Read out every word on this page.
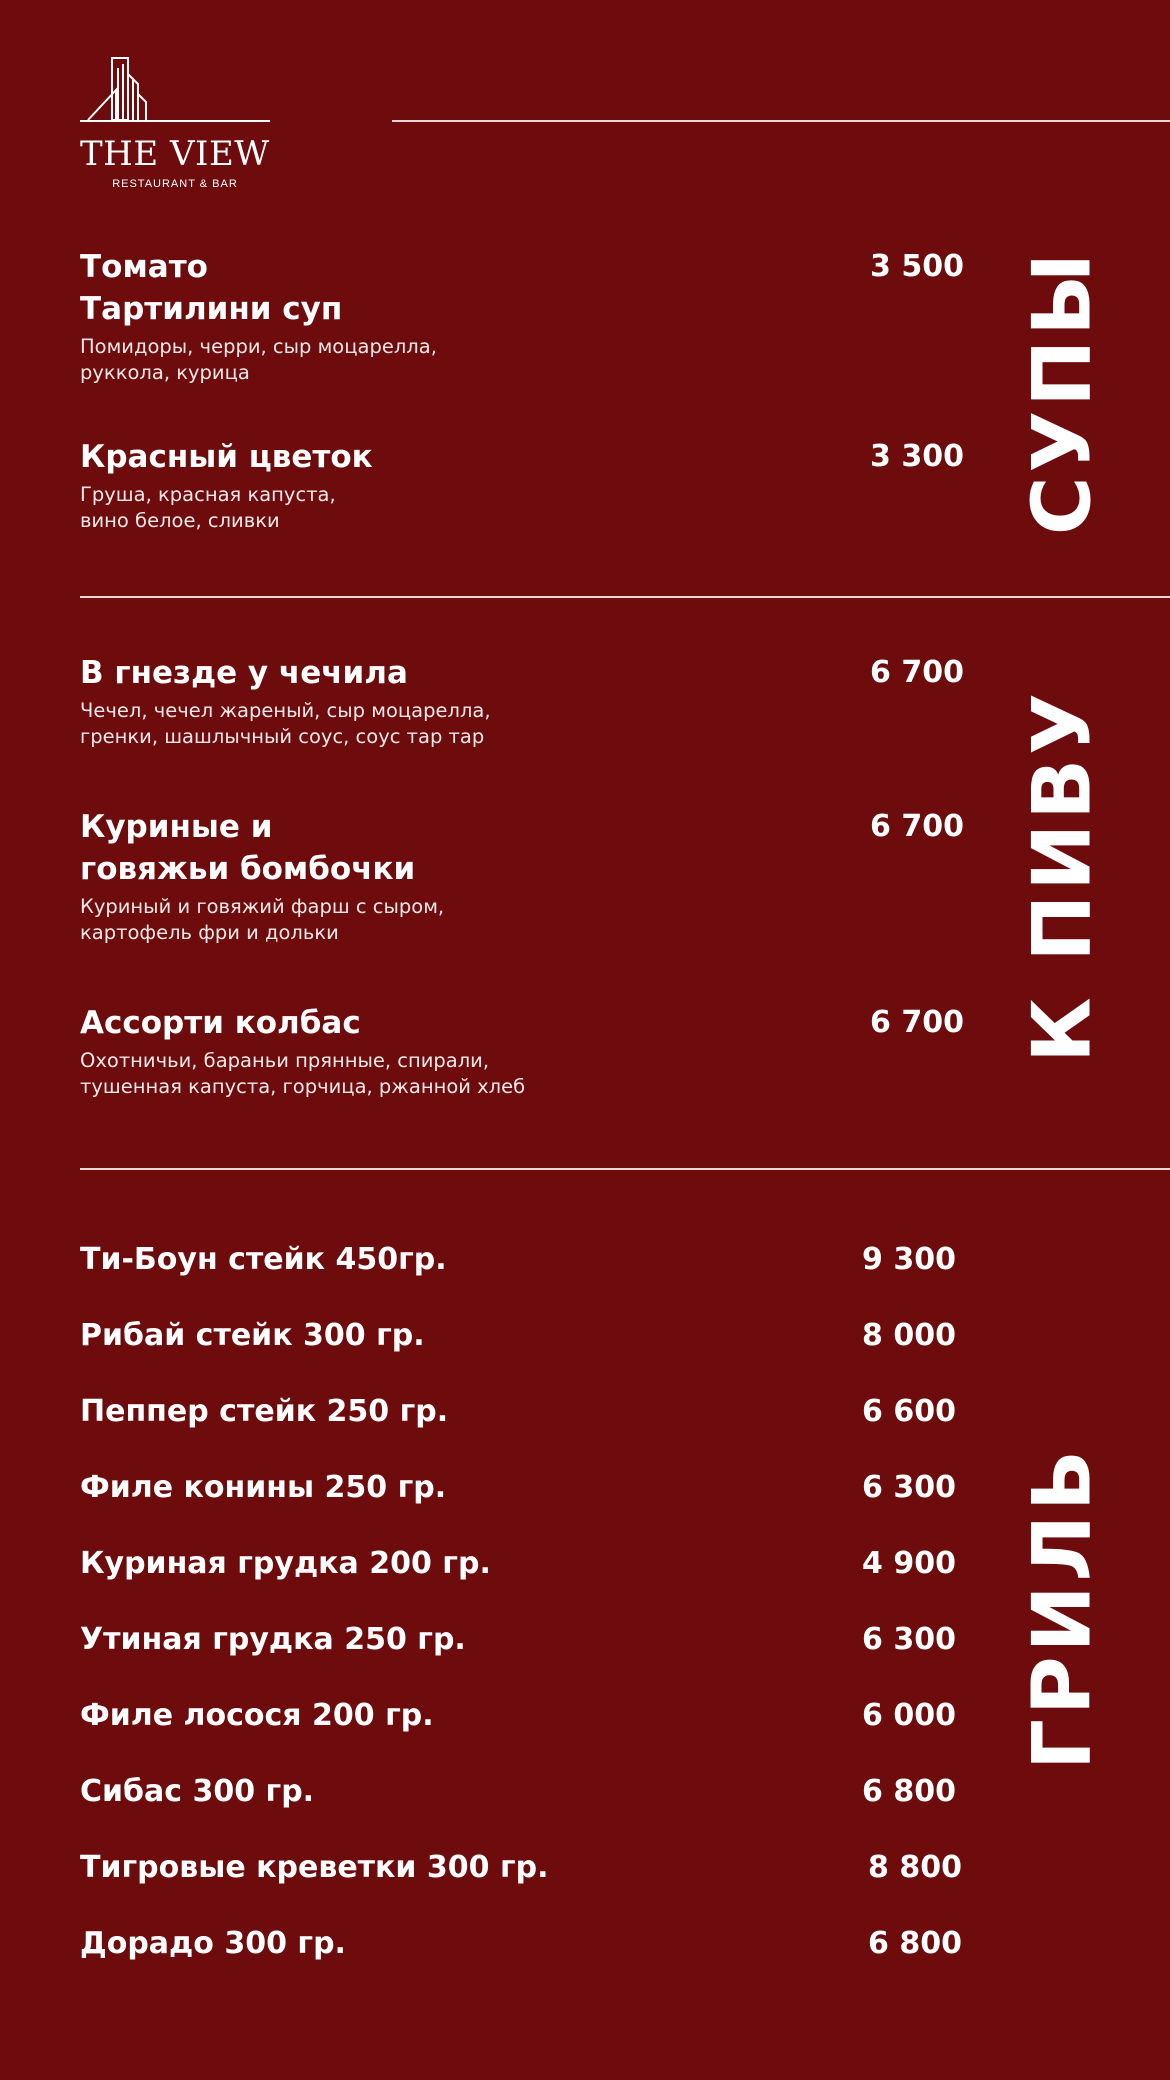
THE VIEW
RESTAURANT & BAR
Томато
Тартилини суп
Помидоры, черри, сыр моцарелла,
руккола, курица
3 500
Красный цветок
Груша, красная капуста,
вино белое, сливки
3 300 СУПЫ
В гнезде у чечила
Чечел, чечел жареный, сыр моцарелла,
гренки, шашлычный соус, соус тар тар
6 700
Куриные и
говяжьи бомбочки
Куриный и говяжий фарш с сыром,
картофель фри и дольки
6 700
Ассорти колбас
Охотничьи, бараньи прянные, спирали,
тушенная капуста, горчица, ржанной хлеб
6 700 К ПИВУ
Ти-Боун стейк 450гр.	9 300
Рибай стейк 300 гр.	8 000
Пеппер стейк 250 гр.	6 600
Филе конины 250 гр.	6 300
Куриная грудка 200 гр.	4 900
Утиная грудка 250 гр.	6 300
Филе лосося 200 гр.	6 000
Сибас 300 гр.	6 800
Тигровые креветки 300 гр.	8 800
Дорадо 300 гр.	6 800
ГРИЛЬ
